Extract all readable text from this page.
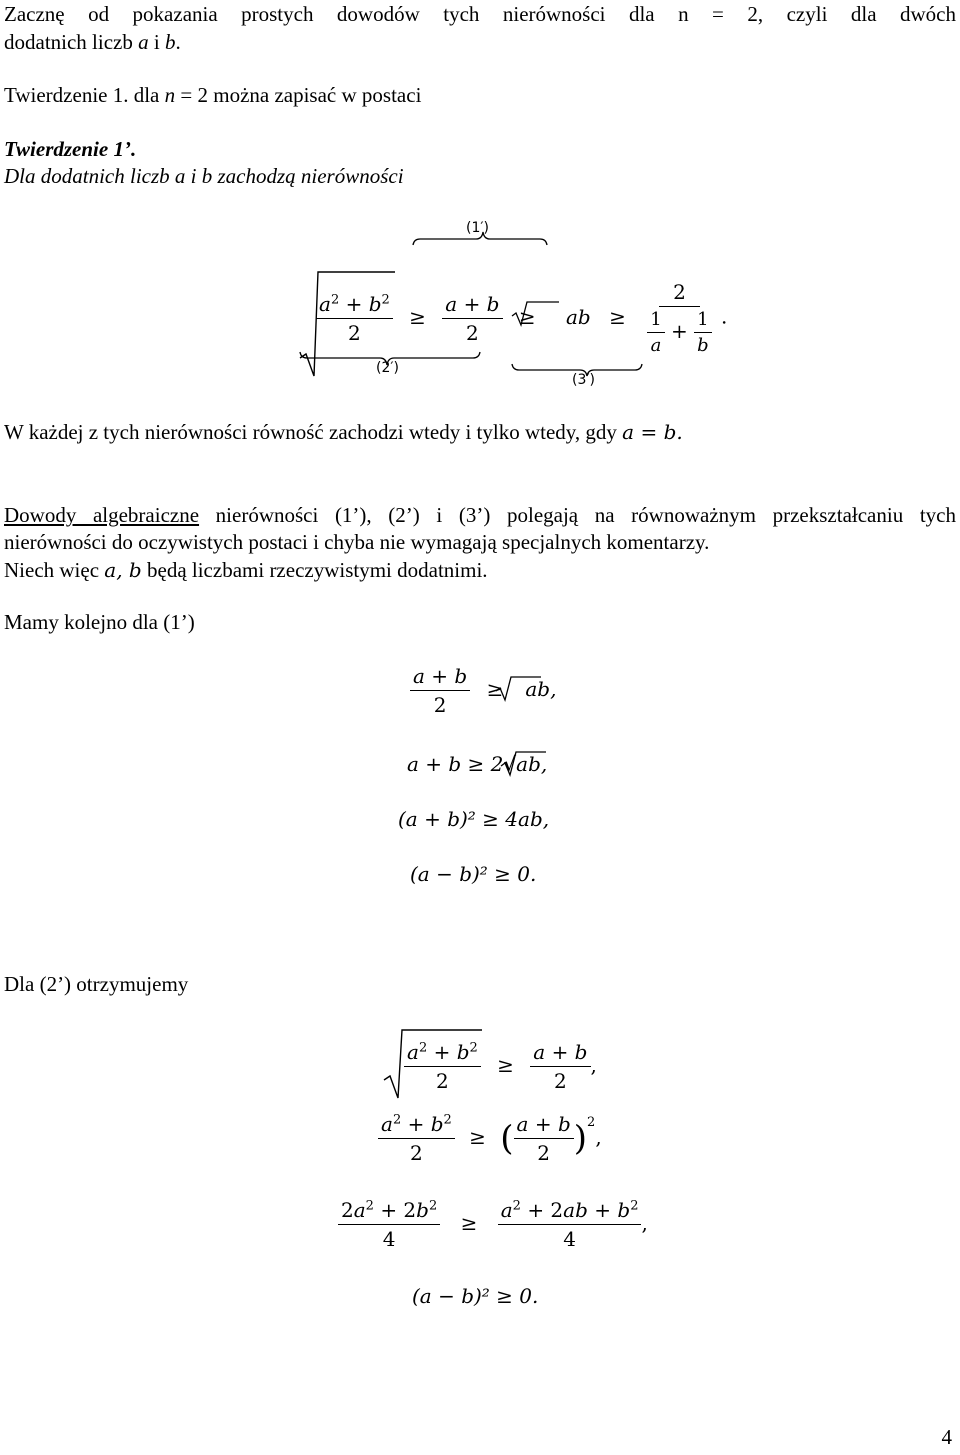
Zacznę od pokazania prostych dowodów tych nierówności dla n = 2, czyli dla dwóch
dodatnich liczb a i b.
Twierdzenie 1. dla n = 2 można zapisać w postaci
Twierdzenie 1’.
Dla dodatnich liczb a i b zachodzą nierówności
(1′)
(2′)
(3′)
$\frac{a^2 + b^2}{2} \ge \frac{a + b}{2}$ ≥ ab ≥ $\frac{2}{\frac{1}{a} + \frac{1}{b}}$ .
W każdej z tych nierówności równość zachodzi wtedy i tylko wtedy, gdy a = b.
Dowody algebraiczne nierówności (1’), (2’) i (3’) polegają na równoważnym przekształcaniu tych
nierówności do oczywistych postaci i chyba nie wymagają specjalnych komentarzy.
Niech więc a, b będą liczbami rzeczywistymi dodatnimi.
Mamy kolejno dla (1’)
$\frac{a + b}{2}$ ≥ ab,
a + b ≥ 2√ab,
(a + b)² ≥ 4ab,
(a − b)² ≥ 0.
Dla (2’) otrzymujemy
$\frac{a^2 + b^2}{2} \ge \frac{a + b}{2}$ ,
$\frac{a^2 + b^2}{2}$ ≥ ( $\frac{a + b}{2} )^2$,
$\frac{2a^2 + 2b^2}{4} \ge \frac{a^2 + 2ab + b^2}{4}$ ,
(a − b)² ≥ 0.
4
